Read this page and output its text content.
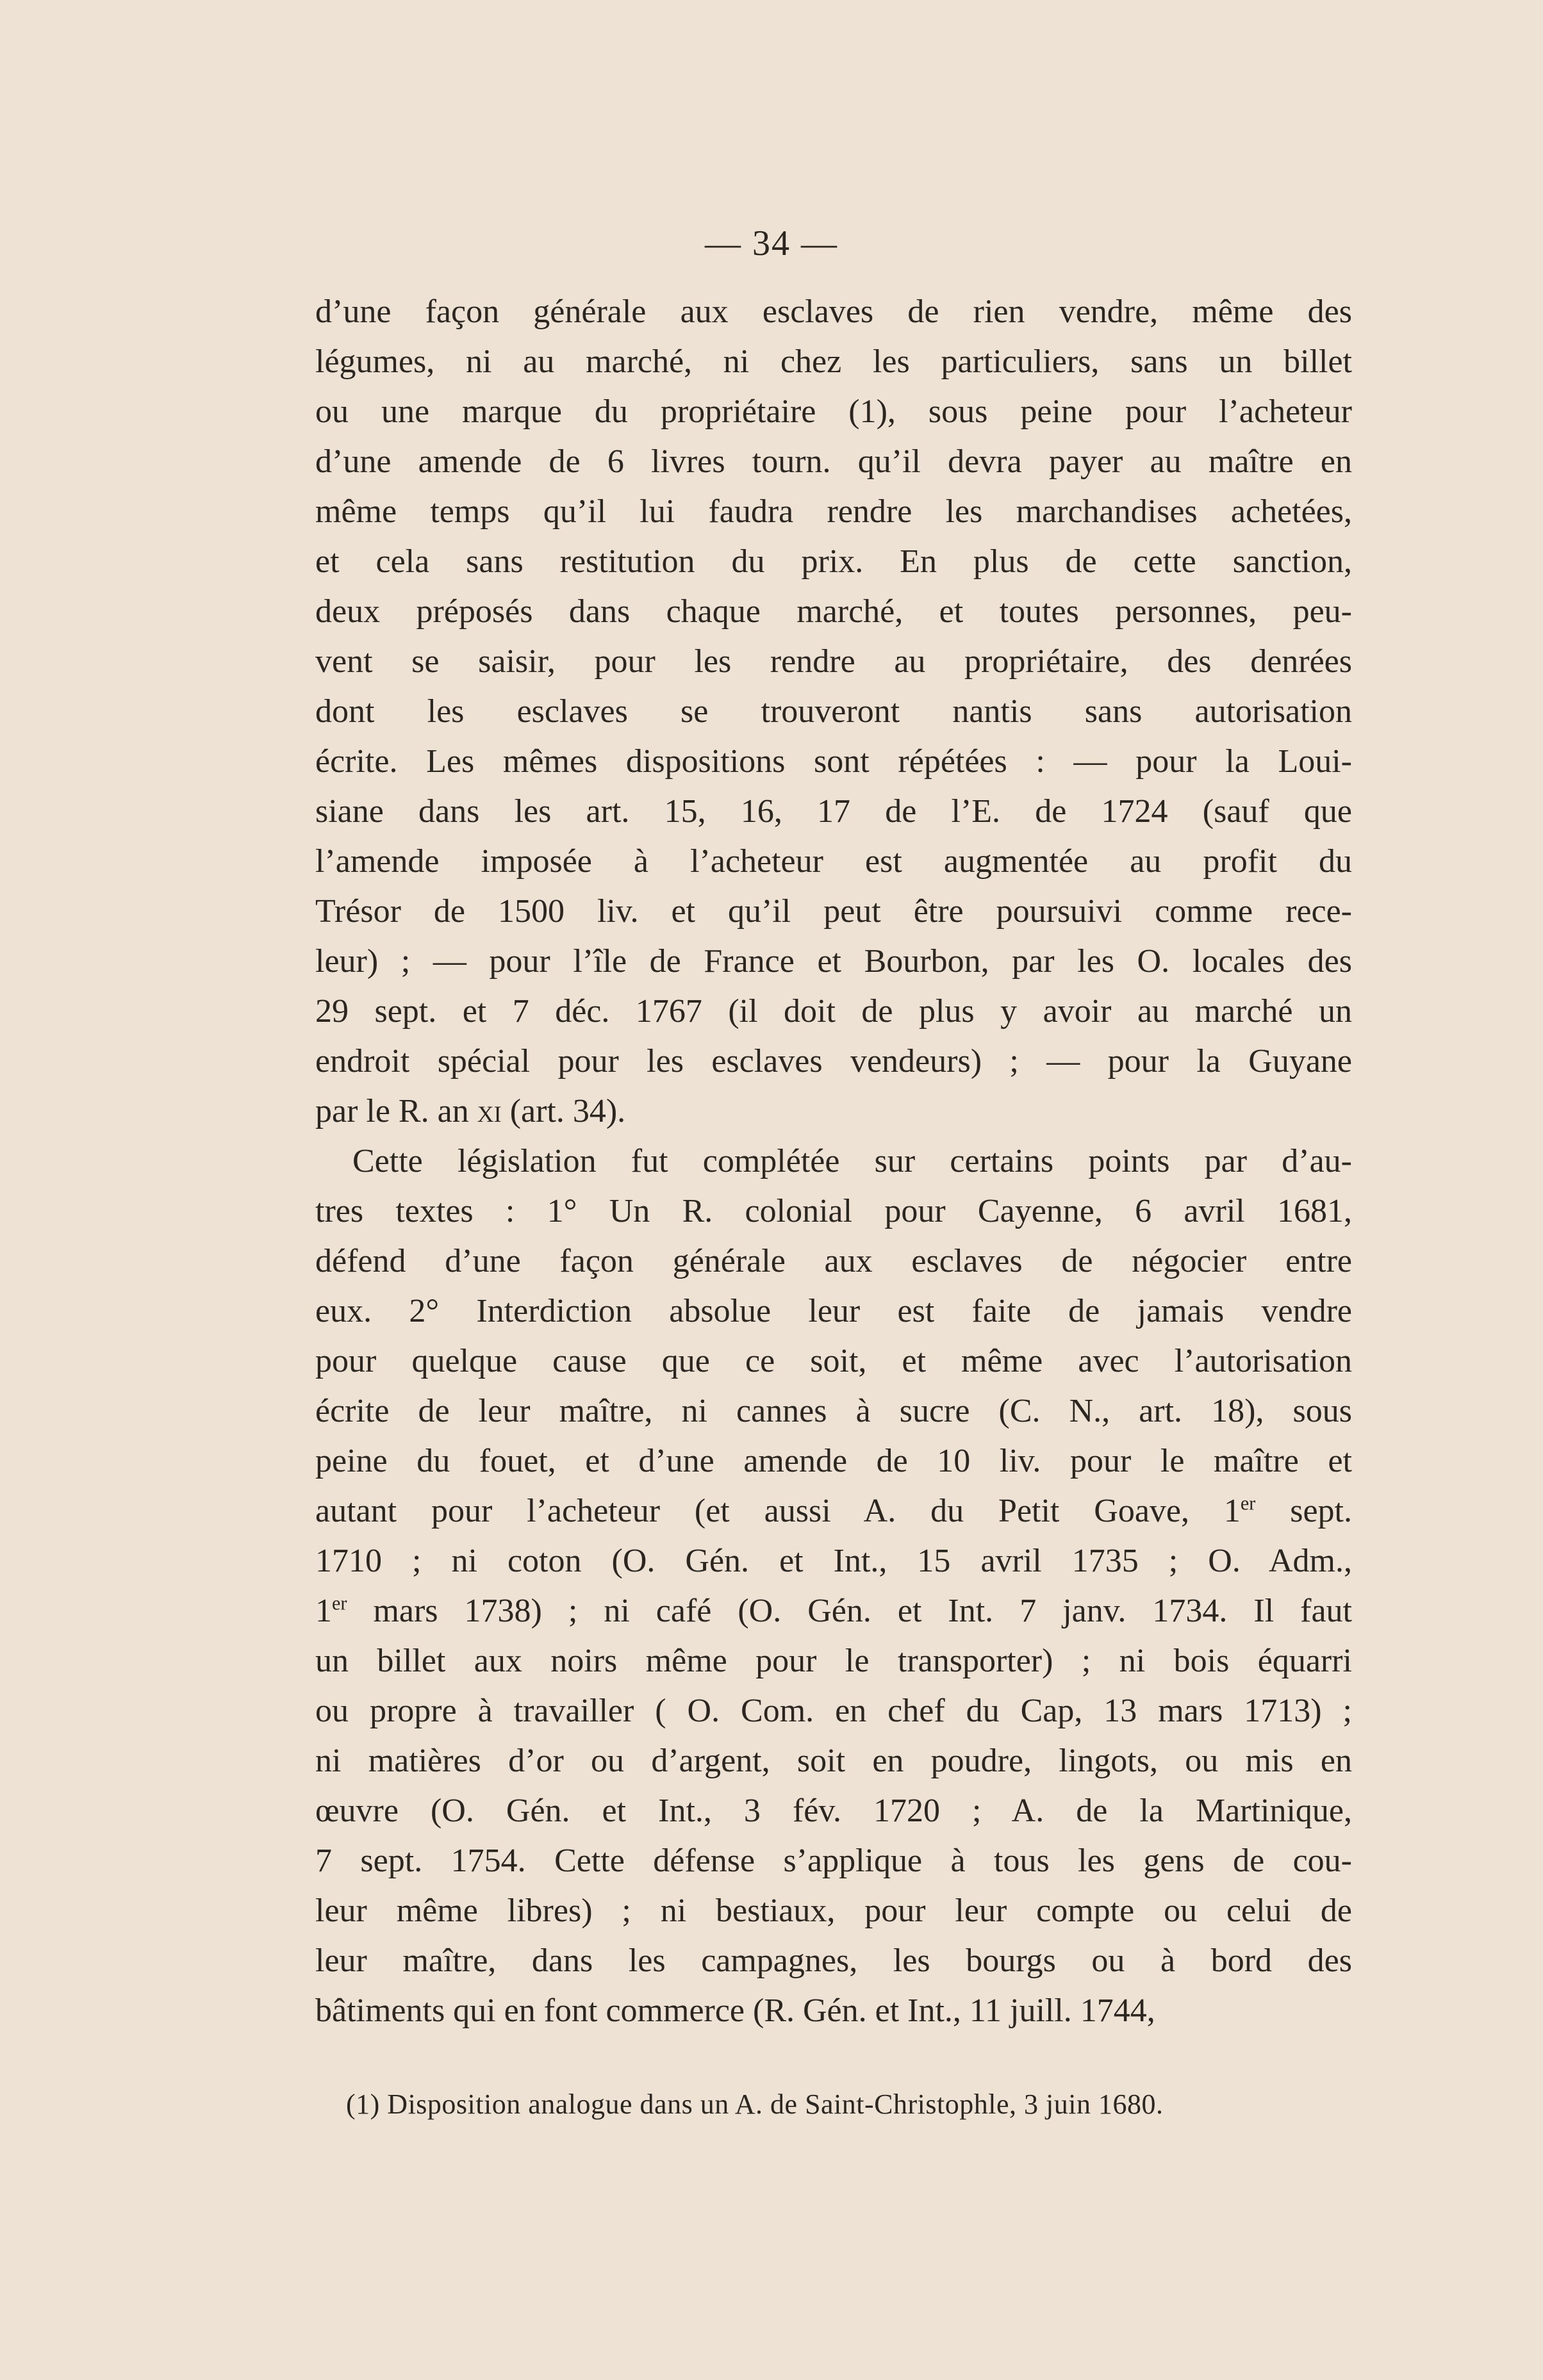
— 34 —
d’une façon générale aux esclaves de rien vendre, même des
légumes, ni au marché, ni chez les particuliers, sans un billet
ou une marque du propriétaire (1), sous peine pour l’acheteur
d’une amende de 6 livres tourn. qu’il devra payer au maître en
même temps qu’il lui faudra rendre les marchandises achetées,
et cela sans restitution du prix. En plus de cette sanction,
deux préposés dans chaque marché, et toutes personnes, peu-
vent se saisir, pour les rendre au propriétaire, des denrées
dont les esclaves se trouveront nantis sans autorisation
écrite. Les mêmes dispositions sont répétées : — pour la Loui-
siane dans les art. 15, 16, 17 de l’E. de 1724 (sauf que
l’amende imposée à l’acheteur est augmentée au profit du
Trésor de 1500 liv. et qu’il peut être poursuivi comme rece-
leur) ; — pour l’île de France et Bourbon, par les O. locales des
29 sept. et 7 déc. 1767 (il doit de plus y avoir au marché un
endroit spécial pour les esclaves vendeurs) ; — pour la Guyane
par le R. an xi (art. 34).
Cette législation fut complétée sur certains points par d’au-
tres textes : 1° Un R. colonial pour Cayenne, 6 avril 1681,
défend d’une façon générale aux esclaves de négocier entre
eux. 2° Interdiction absolue leur est faite de jamais vendre
pour quelque cause que ce soit, et même avec l’autorisation
écrite de leur maître, ni cannes à sucre (C. N., art. 18), sous
peine du fouet, et d’une amende de 10 liv. pour le maître et
autant pour l’acheteur (et aussi A. du Petit Goave, 1er sept.
1710 ; ni coton (O. Gén. et Int., 15 avril 1735 ; O. Adm.,
1er mars 1738) ; ni café (O. Gén. et Int. 7 janv. 1734. Il faut
un billet aux noirs même pour le transporter) ; ni bois équarri
ou propre à travailler ( O. Com. en chef du Cap, 13 mars 1713) ;
ni matières d’or ou d’argent, soit en poudre, lingots, ou mis en
œuvre (O. Gén. et Int., 3 fév. 1720 ; A. de la Martinique,
7 sept. 1754. Cette défense s’applique à tous les gens de cou-
leur même libres) ; ni bestiaux, pour leur compte ou celui de
leur maître, dans les campagnes, les bourgs ou à bord des
bâtiments qui en font commerce (R. Gén. et Int., 11 juill. 1744,
(1) Disposition analogue dans un A. de Saint-Christophle, 3 juin 1680.
